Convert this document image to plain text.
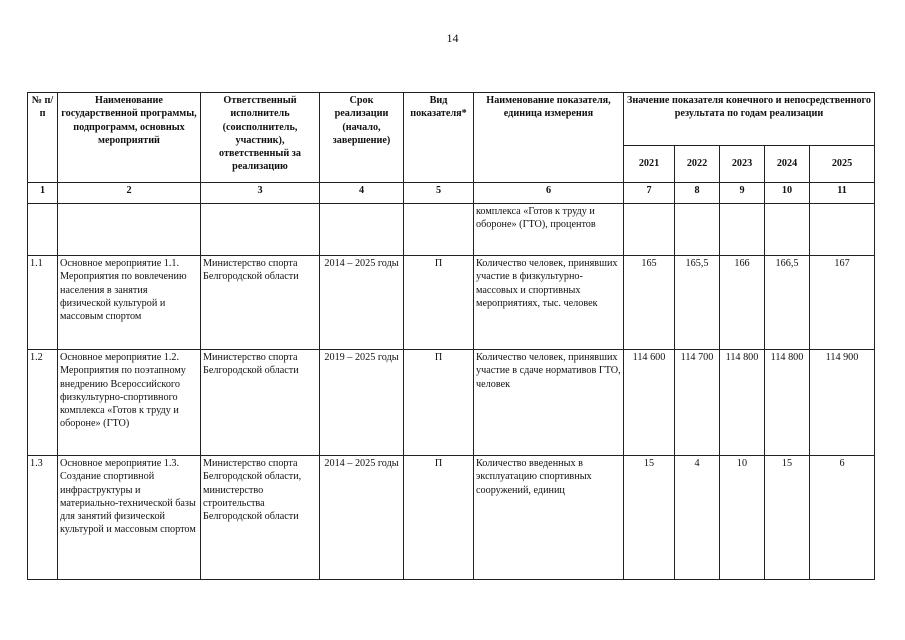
14
№ п/п	Наименование государственной программы, подпрограмм, основных мероприятий	Ответственный исполнитель (соисполнитель, участник), ответственный за реализацию	Срок реализации (начало, завершение)	Вид показателя*	Наименование показателя, единица измерения	Значение показателя конечного и непосредственного результата по годам реализации				
						2021	2022	2023	2024	2025
1	2	3	4	5	6	7	8	9	10	11
					комплекса «Готов к труду и обороне» (ГТО), процентов					
1.1	Основное мероприятие 1.1. Мероприятия по вовлечению населения в занятия физической культурой и массовым спортом	Министерство спорта Белгородской области	2014 – 2025 годы	П	Количество человек, принявших участие в физкультурно-массовых и спортивных мероприятиях, тыс. человек	165	165,5	166	166,5	167
1.2	Основное мероприятие 1.2. Мероприятия по поэтапному внедрению Всероссийского физкультурно-спортивного комплекса «Готов к труду и обороне» (ГТО)	Министерство спорта Белгородской области	2019 – 2025 годы	П	Количество человек, принявших участие в сдаче нормативов ГТО, человек	114 600	114 700	114 800	114 800	114 900
1.3	Основное мероприятие 1.3. Создание спортивной инфраструктуры и материально-технической базы для занятий физической культурой и массовым спортом	Министерство спорта Белгородской области, министерство строительства Белгородской области	2014 – 2025 годы	П	Количество введенных в эксплуатацию спортивных сооружений, единиц	15	4	10	15	6
